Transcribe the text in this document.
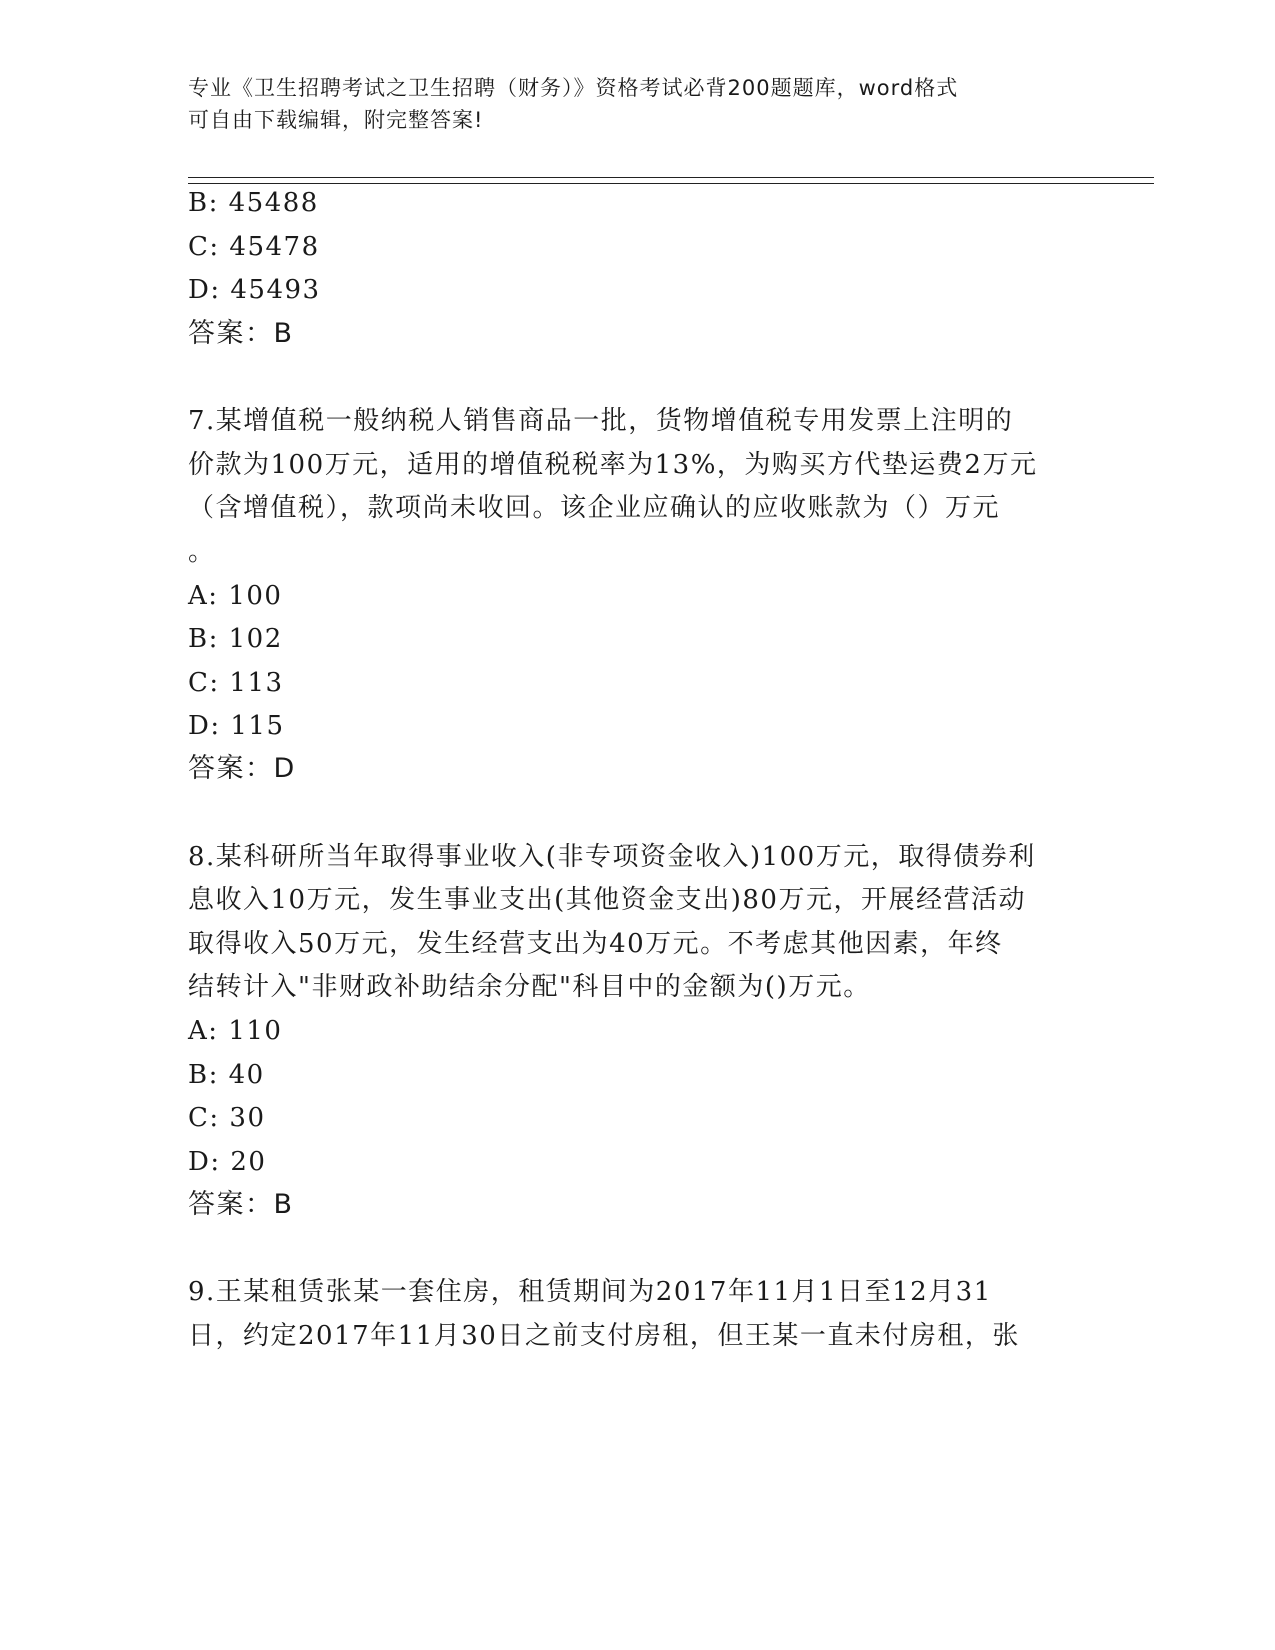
专业《卫生招聘考试之卫生招聘（财务）》资格考试必背200题题库，word格式
可自由下载编辑，附完整答案!
B: 45488
C: 45478
D: 45493
答案：B
7.某增值税一般纳税人销售商品一批，货物增值税专用发票上注明的
价款为100万元，适用的增值税税率为13%，为购买方代垫运费2万元
（含增值税），款项尚未收回。该企业应确认的应收账款为（）万元
。
A: 100
B: 102
C: 113
D: 115
答案：D
8.某科研所当年取得事业收入(非专项资金收入)100万元，取得债券利
息收入10万元，发生事业支出(其他资金支出)80万元，开展经营活动
取得收入50万元，发生经营支出为40万元。不考虑其他因素，年终
结转计入"非财政补助结余分配"科目中的金额为()万元。
A: 110
B: 40
C: 30
D: 20
答案：B
9.王某租赁张某一套住房，租赁期间为2017年11月1日至12月31
日，约定2017年11月30日之前支付房租，但王某一直未付房租，张
